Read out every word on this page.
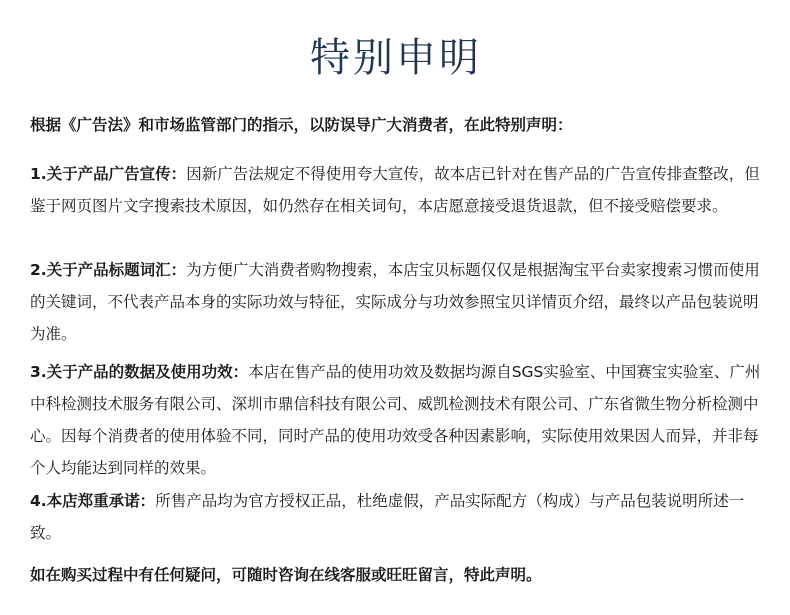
特别申明

根据《广告法》和市场监管部门的指示，以防误导广大消费者，在此特别声明：

1.关于产品广告宣传：因新广告法规定不得使用夸大宣传，故本店已针对在售产品的广告宣传排查整改，但鉴于网页图片文字搜索技术原因，如仍然存在相关词句，本店愿意接受退货退款，但不接受赔偿要求。

2.关于产品标题词汇：为方便广大消费者购物搜索，本店宝贝标题仅仅是根据淘宝平台卖家搜索习惯而使用的关键词，不代表产品本身的实际功效与特征，实际成分与功效参照宝贝详情页介绍，最终以产品包装说明为准。

3.关于产品的数据及使用功效：本店在售产品的使用功效及数据均源自SGS实验室、中国赛宝实验室、广州中科检测技术服务有限公司、深圳市鼎信科技有限公司、威凯检测技术有限公司、广东省微生物分析检测中心。因每个消费者的使用体验不同，同时产品的使用功效受各种因素影响，实际使用效果因人而异，并非每个人均能达到同样的效果。

4.本店郑重承诺：所售产品均为官方授权正品，杜绝虚假，产品实际配方（构成）与产品包装说明所述一致。

如在购买过程中有任何疑问，可随时咨询在线客服或旺旺留言，特此声明。
